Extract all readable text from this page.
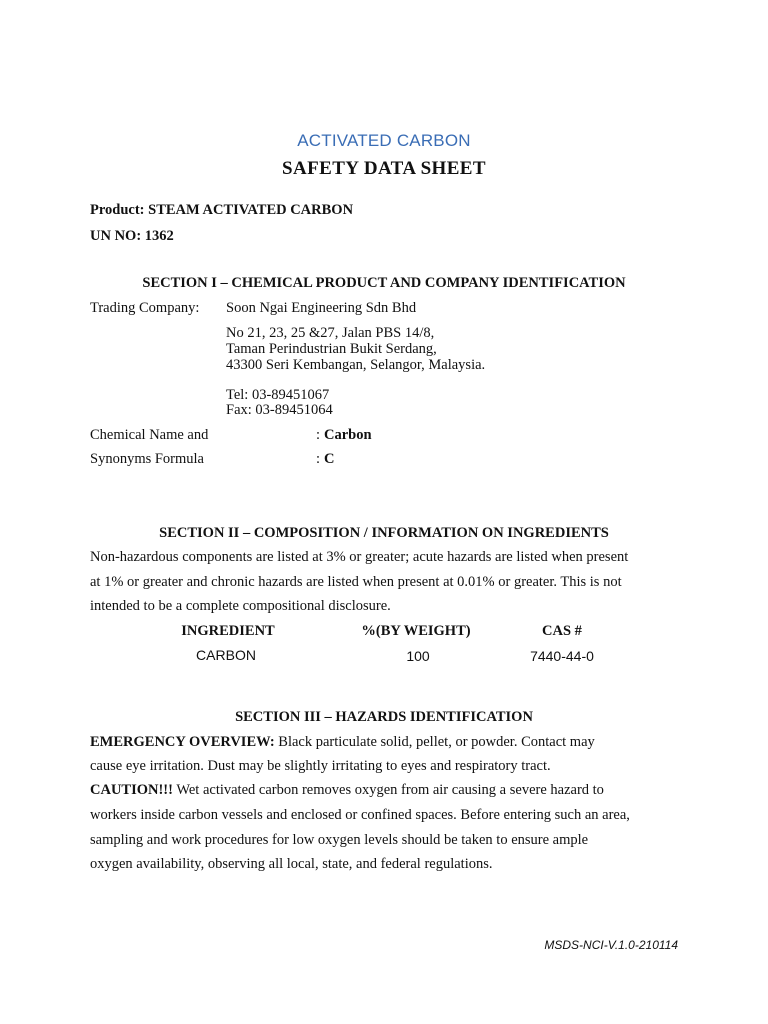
ACTIVATED CARBON
SAFETY DATA SHEET
Product: STEAM ACTIVATED CARBON
UN NO: 1362
SECTION I – CHEMICAL PRODUCT AND COMPANY IDENTIFICATION
Trading Company: Soon Ngai Engineering Sdn Bhd
No 21, 23, 25 &27, Jalan PBS 14/8,
Taman Perindustrian Bukit Serdang,
43300 Seri Kembangan, Selangor, Malaysia.
Tel: 03-89451067
Fax: 03-89451064
Chemical Name and	: Carbon
Synonyms Formula	: C
SECTION II – COMPOSITION / INFORMATION ON INGREDIENTS
Non-hazardous components are listed at 3% or greater; acute hazards are listed when present
at 1% or greater and chronic hazards are listed when present at 0.01% or greater. This is not
intended to be a complete compositional disclosure.
INGREDIENT	%(BY WEIGHT)	CAS #
CARBON	100	7440-44-0
SECTION III – HAZARDS IDENTIFICATION
EMERGENCY OVERVIEW: Black particulate solid, pellet, or powder. Contact may
cause eye irritation. Dust may be slightly irritating to eyes and respiratory tract.
CAUTION!!! Wet activated carbon removes oxygen from air causing a severe hazard to
workers inside carbon vessels and enclosed or confined spaces. Before entering such an area,
sampling and work procedures for low oxygen levels should be taken to ensure ample
oxygen availability, observing all local, state, and federal regulations.
MSDS-NCI-V.1.0-210114
